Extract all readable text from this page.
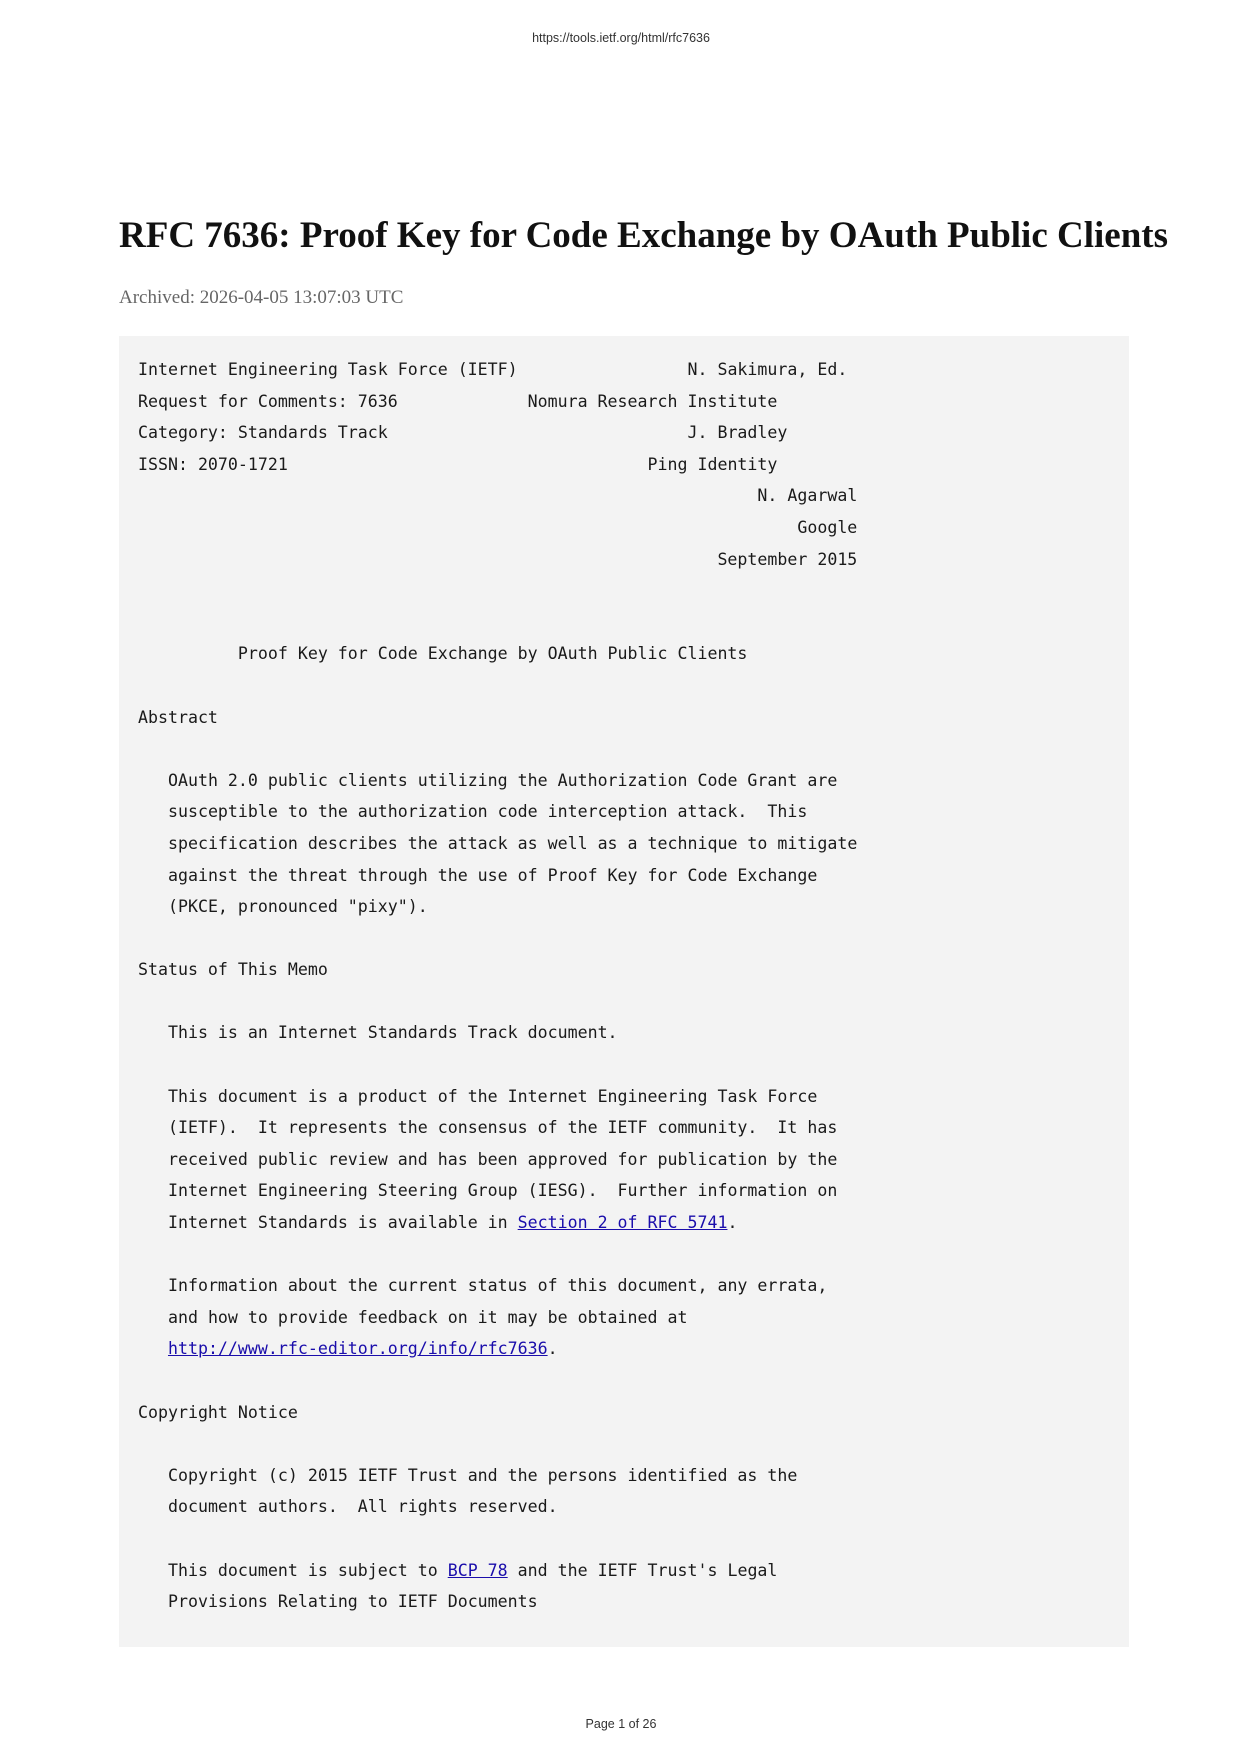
https://tools.ietf.org/html/rfc7636
RFC 7636: Proof Key for Code Exchange by OAuth Public Clients
Archived: 2026-04-05 13:07:03 UTC
Internet Engineering Task Force (IETF)	N. Sakimura, Ed.
Request for Comments: 7636	Nomura Research Institute
Category: Standards Track	J. Bradley
ISSN: 2070-1721	Ping Identity
N. Agarwal
Google
September 2015

Proof Key for Code Exchange by OAuth Public Clients

Abstract

OAuth 2.0 public clients utilizing the Authorization Code Grant are
susceptible to the authorization code interception attack.  This
specification describes the attack as well as a technique to mitigate
against the threat through the use of Proof Key for Code Exchange
(PKCE, pronounced "pixy").

Status of This Memo

This is an Internet Standards Track document.

This document is a product of the Internet Engineering Task Force
(IETF).  It represents the consensus of the IETF community.  It has
received public review and has been approved for publication by the
Internet Engineering Steering Group (IESG).  Further information on
Internet Standards is available in Section 2 of RFC 5741.

Information about the current status of this document, any errata,
and how to provide feedback on it may be obtained at
http://www.rfc-editor.org/info/rfc7636.

Copyright Notice

Copyright (c) 2015 IETF Trust and the persons identified as the
document authors.  All rights reserved.

This document is subject to BCP 78 and the IETF Trust's Legal
Provisions Relating to IETF Documents
Page 1 of 26
